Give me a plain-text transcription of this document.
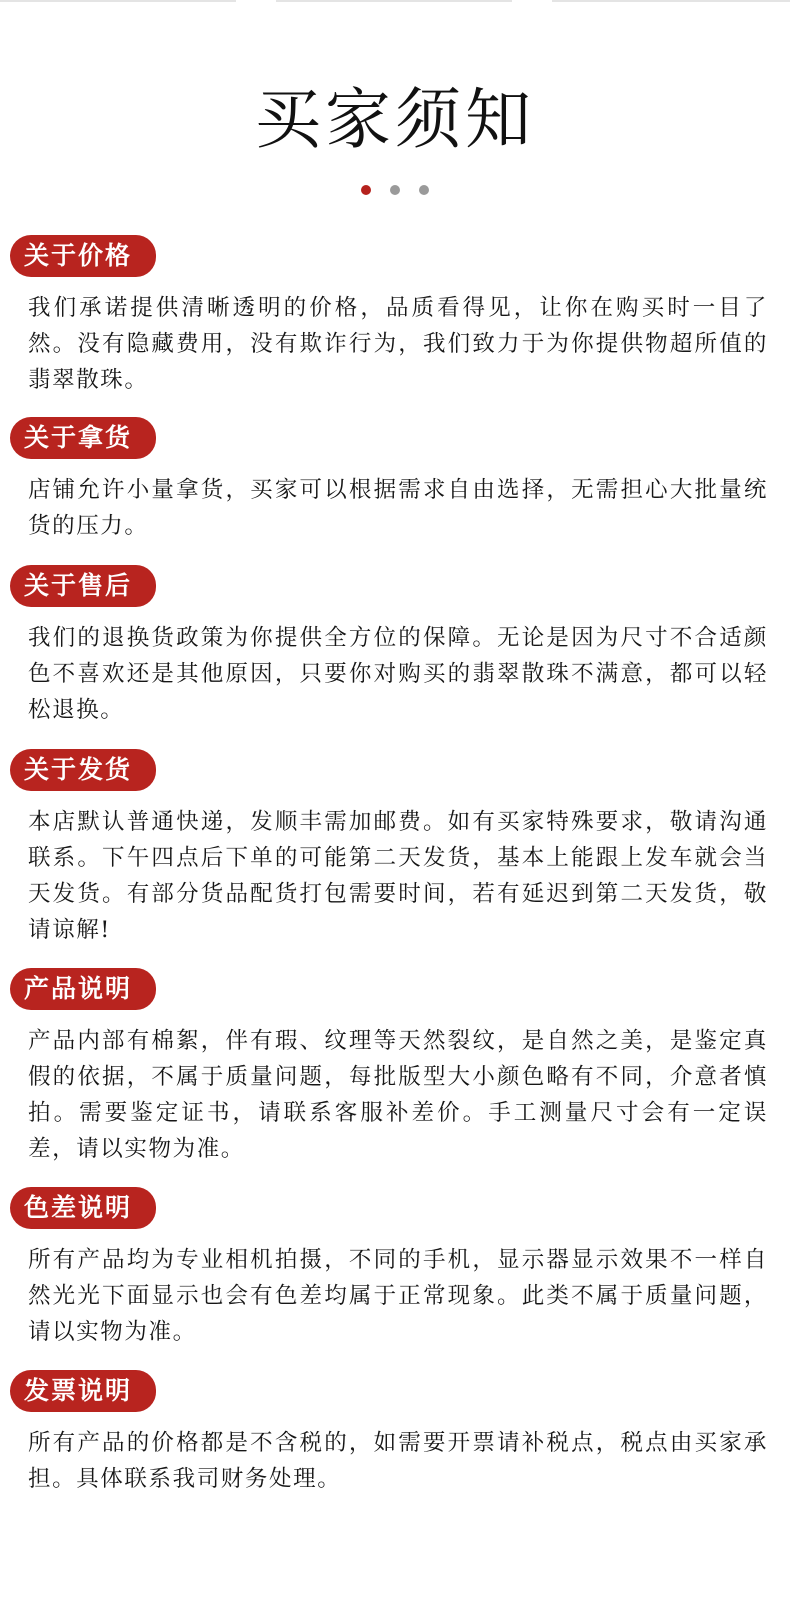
买家须知
关于价格

我们承诺提供清晰透明的价格，品质看得见，让你在购买时一目了然。没有隐藏费用，没有欺诈行为，我们致力于为你提供物超所值的翡翠散珠。

关于拿货

店铺允许小量拿货，买家可以根据需求自由选择，无需担心大批量统货的压力。

关于售后

我们的退换货政策为你提供全方位的保障。无论是因为尺寸不合适颜色不喜欢还是其他原因，只要你对购买的翡翠散珠不满意，都可以轻松退换。

关于发货

本店默认普通快递，发顺丰需加邮费。如有买家特殊要求，敬请沟通联系。下午四点后下单的可能第二天发货，基本上能跟上发车就会当天发货。有部分货品配货打包需要时间，若有延迟到第二天发货，敬请谅解!

产品说明

产品内部有棉絮，伴有瑕、纹理等天然裂纹，是自然之美，是鉴定真假的依据，不属于质量问题，每批版型大小颜色略有不同，介意者慎拍。需要鉴定证书，请联系客服补差价。手工测量尺寸会有一定误差，请以实物为准。

色差说明

所有产品均为专业相机拍摄，不同的手机，显示器显示效果不一样自然光光下面显示也会有色差均属于正常现象。此类不属于质量问题，请以实物为准。

发票说明

所有产品的价格都是不含税的，如需要开票请补税点，税点由买家承担。具体联系我司财务处理。
